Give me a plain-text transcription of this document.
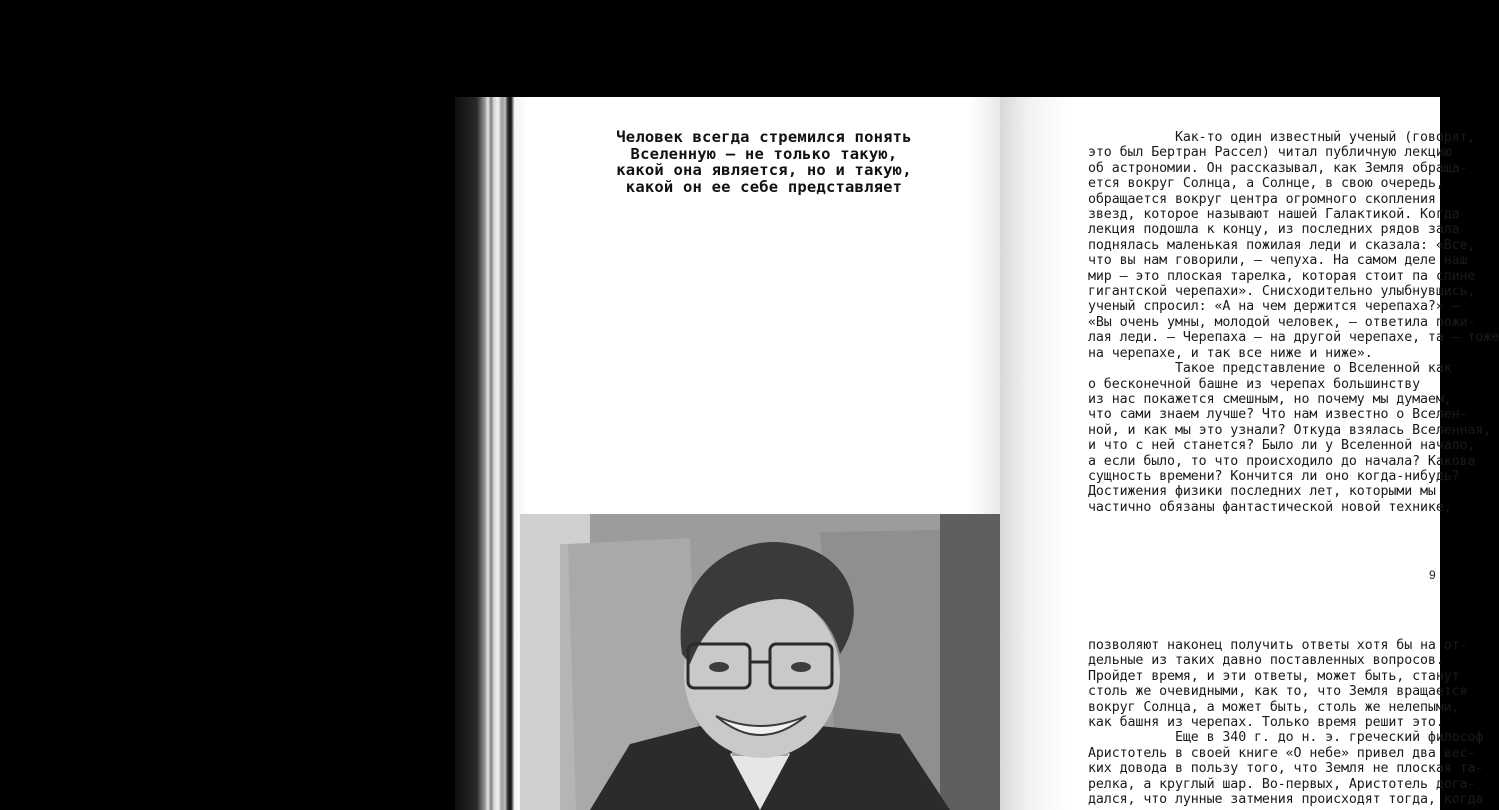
Человек всегда стремился понять
Вселенную — не только такую,
какой она является, но и такую,
какой он ее себе представляет

Как-то один известный ученый (говорят,
это был Бертран Рассел) читал публичную лекцию
об астрономии. Он рассказывал, как Земля обраща-
ется вокруг Солнца, а Солнце, в свою очередь,
обращается вокруг центра огромного скопления
звезд, которое называют нашей Галактикой. Когда
лекция подошла к концу, из последних рядов зала
поднялась маленькая пожилая леди и сказала: «Все,
что вы нам говорили, – чепуха. На самом деле наш
мир – это плоская тарелка, которая стоит па спине
гигантской черепахи». Снисходительно улыбнувшись,
ученый спросил: «А на чем держится черепаха?» –
«Вы очень умны, молодой человек, – ответила пожи-
лая леди. – Черепаха – на другой черепахе, та – тоже
на черепахе, и так все ниже и ниже».
Такое представление о Вселенной как
о бесконечной башне из черепах большинству
из нас покажется смешным, но почему мы думаем,
что сами знаем лучше? Что нам известно о Вселен-
ной, и как мы это узнали? Откуда взялась Вселенная,
и что с ней станется? Было ли у Вселенной начало,
а если было, то что происходило до начала? Какова
сущность времени? Кончится ли оно когда-нибудь?
Достижения физики последних лет, которыми мы
частично обязаны фантастической новой технике,
9
позволяют наконец получить ответы хотя бы на от-
дельные из таких давно поставленных вопросов.
Пройдет время, и эти ответы, может быть, станут
столь же очевидными, как то, что Земля вращается
вокруг Солнца, а может быть, столь же нелепыми,
как башня из черепах. Только время решит это.
Еще в 340 г. до н. э. греческий философ
Аристотель в своей книге «О небе» привел два вес-
ких довода в пользу того, что Земля не плоская та-
релка, а круглый шар. Во-первых, Аристотель дога-
дался, что лунные затмения происходят тогда, когда
